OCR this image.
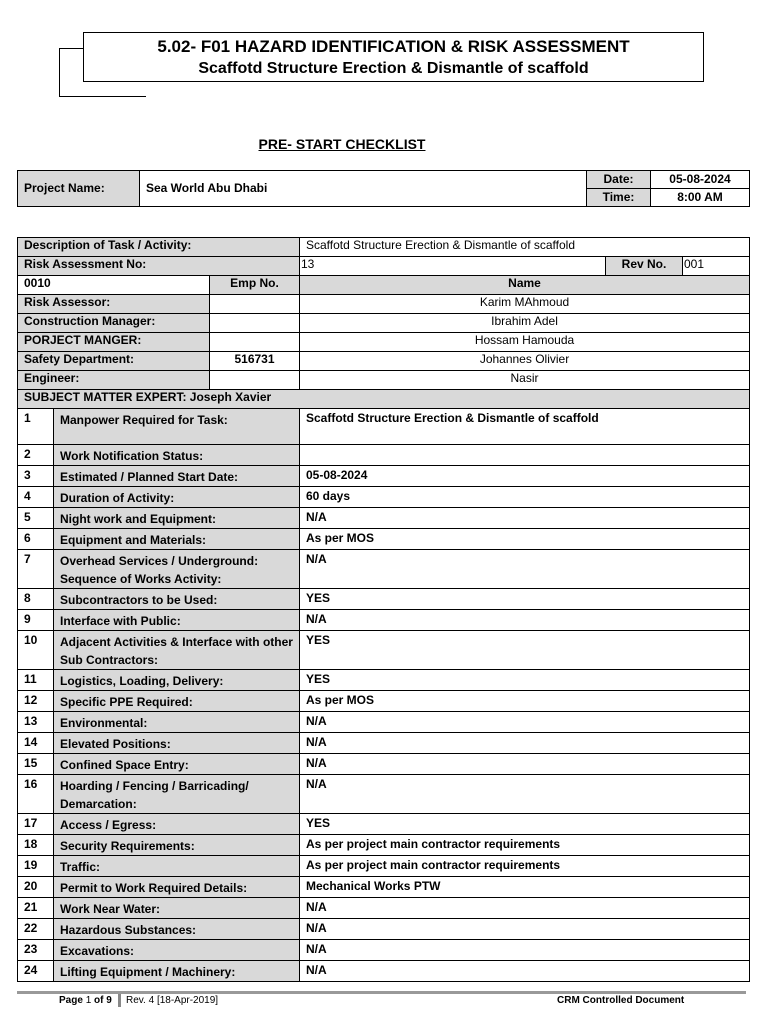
5.02- F01 HAZARD IDENTIFICATION & RISK ASSESSMENT
Scaffotd Structure Erection & Dismantle of scaffold
PRE- START CHECKLIST
Project Name:	Sea World Abu Dhabi	Date:	05-08-2024
		Time:	8:00 AM
Description of Task / Activity:			Scaffotd Structure Erection & Dismantle of scaffold		
Risk Assessment No:			13	Rev No.	001
0010		Emp No.	Name		
Risk Assessor:			Karim MAhmoud		
Construction Manager:			Ibrahim Adel		
PORJECT MANGER:			Hossam Hamouda		
Safety Department:		516731	Johannes Olivier		
Engineer:			Nasir		
SUBJECT MATTER EXPERT: Joseph Xavier					
1	Manpower Required for Task:		Scaffotd Structure Erection & Dismantle of scaffold		
2	Work Notification Status:				
3	Estimated / Planned Start Date:		05-08-2024		
4	Duration of Activity:		60 days		
5	Night work and Equipment:		N/A		
6	Equipment and Materials:		As per MOS		
7	Overhead Services / Underground: Sequence of Works Activity:		N/A		
8	Subcontractors to be Used:		YES		
9	Interface with Public:		N/A		
10	Adjacent Activities & Interface with other Sub Contractors:		YES		
11	Logistics, Loading, Delivery:		YES		
12	Specific PPE Required:		As per MOS		
13	Environmental:		N/A		
14	Elevated Positions:		N/A		
15	Confined Space Entry:		N/A		
16	Hoarding / Fencing / Barricading/ Demarcation:		N/A		
17	Access / Egress:		YES		
18	Security Requirements:		As per project main contractor requirements		
19	Traffic:		As per project main contractor requirements		
20	Permit to Work Required Details:		Mechanical Works PTW		
21	Work Near Water:		N/A		
22	Hazardous Substances:		N/A		
23	Excavations:		N/A		
24	Lifting Equipment / Machinery:		N/A		
Page 1 of 9 Rev. 4 [18-Apr-2019]	CRM Controlled Document
